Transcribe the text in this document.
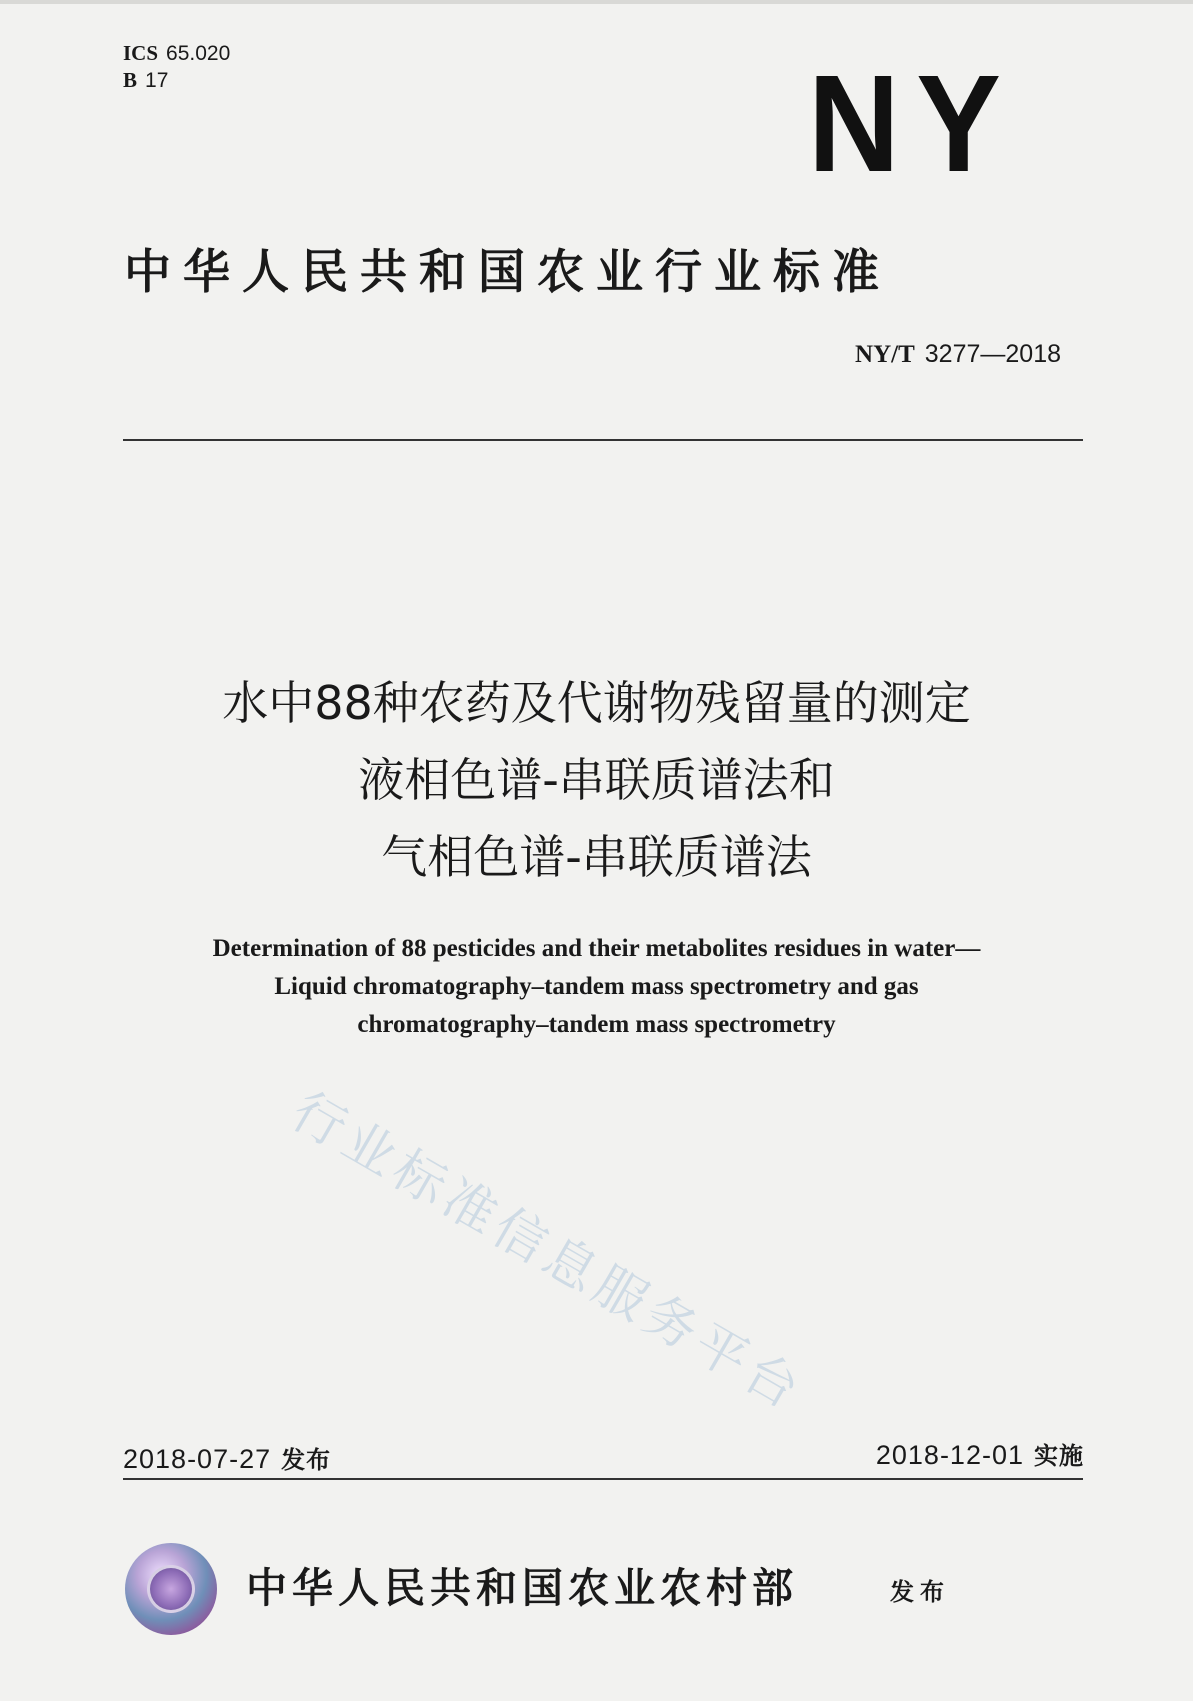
ICS 65.020
B 17	NY
中华人民共和国农业行业标准
NY/T 3277—2018
水中88种农药及代谢物残留量的测定
液相色谱-串联质谱法和
气相色谱-串联质谱法
Determination of 88 pesticides and their metabolites residues in water—
Liquid chromatography–tandem mass spectrometry and gas
chromatography–tandem mass spectrometry
行业标准信息服务平台
2018-07-27 发布	2018-12-01 实施
中华人民共和国农业农村部	发布
